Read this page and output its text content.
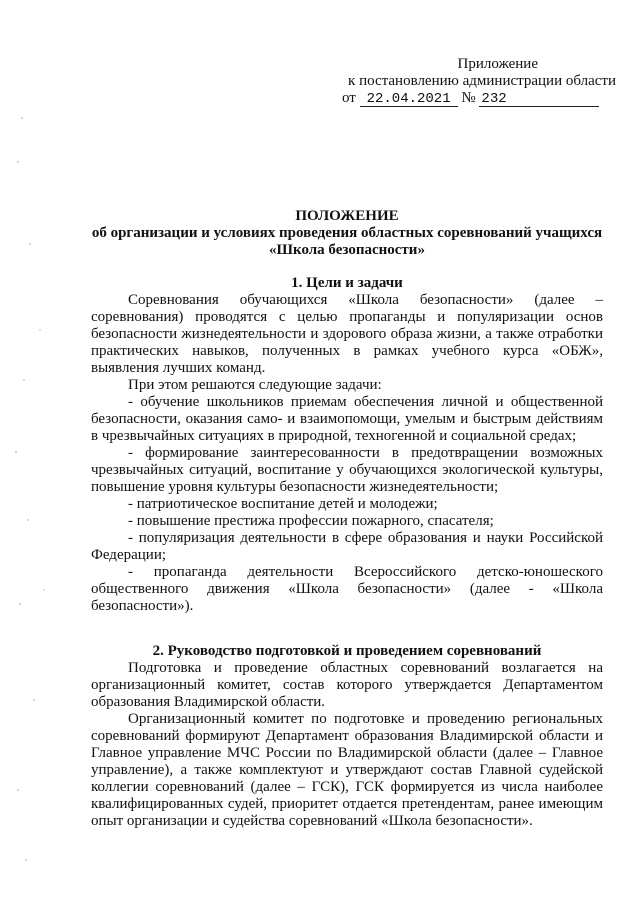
Приложение
к постановлению администрации области
от 22.04.2021 № 232
ПОЛОЖЕНИЕ
об организации и условиях проведения областных соревнований учащихся
«Школа безопасности»
1. Цели и задачи

Соревнования обучающихся «Школа безопасности» (далее – соревнования) проводятся с целью пропаганды и популяризации основ безопасности жизнедеятельности и здорового образа жизни, а также отработки практических навыков, полученных в рамках учебного курса «ОБЖ», выявления лучших команд.

При этом решаются следующие задачи:

- обучение школьников приемам обеспечения личной и общественной безопасности, оказания само- и взаимопомощи, умелым и быстрым действиям в чрезвычайных ситуациях в природной, техногенной и социальной средах;

- формирование заинтересованности в предотвращении возможных чрезвычайных ситуаций, воспитание у обучающихся экологической культуры, повышение уровня культуры безопасности жизнедеятельности;

- патриотическое воспитание детей и молодежи;

- повышение престижа профессии пожарного, спасателя;

- популяризация деятельности в сфере образования и науки Российской Федерации;

- пропаганда деятельности Всероссийского детско-юношеского общественного движения «Школа безопасности» (далее - «Школа безопасности»).

2. Руководство подготовкой и проведением соревнований

Подготовка и проведение областных соревнований возлагается на организационный комитет, состав которого утверждается Департаментом образования Владимирской области.

Организационный комитет по подготовке и проведению региональных соревнований формируют Департамент образования Владимирской области и Главное управление МЧС России по Владимирской области (далее – Главное управление), а также комплектуют и утверждают состав Главной судейской коллегии соревнований (далее – ГСК), ГСК формируется из числа наиболее квалифицированных судей, приоритет отдается претендентам, ранее имеющим опыт организации и судейства соревнований «Школа безопасности».
